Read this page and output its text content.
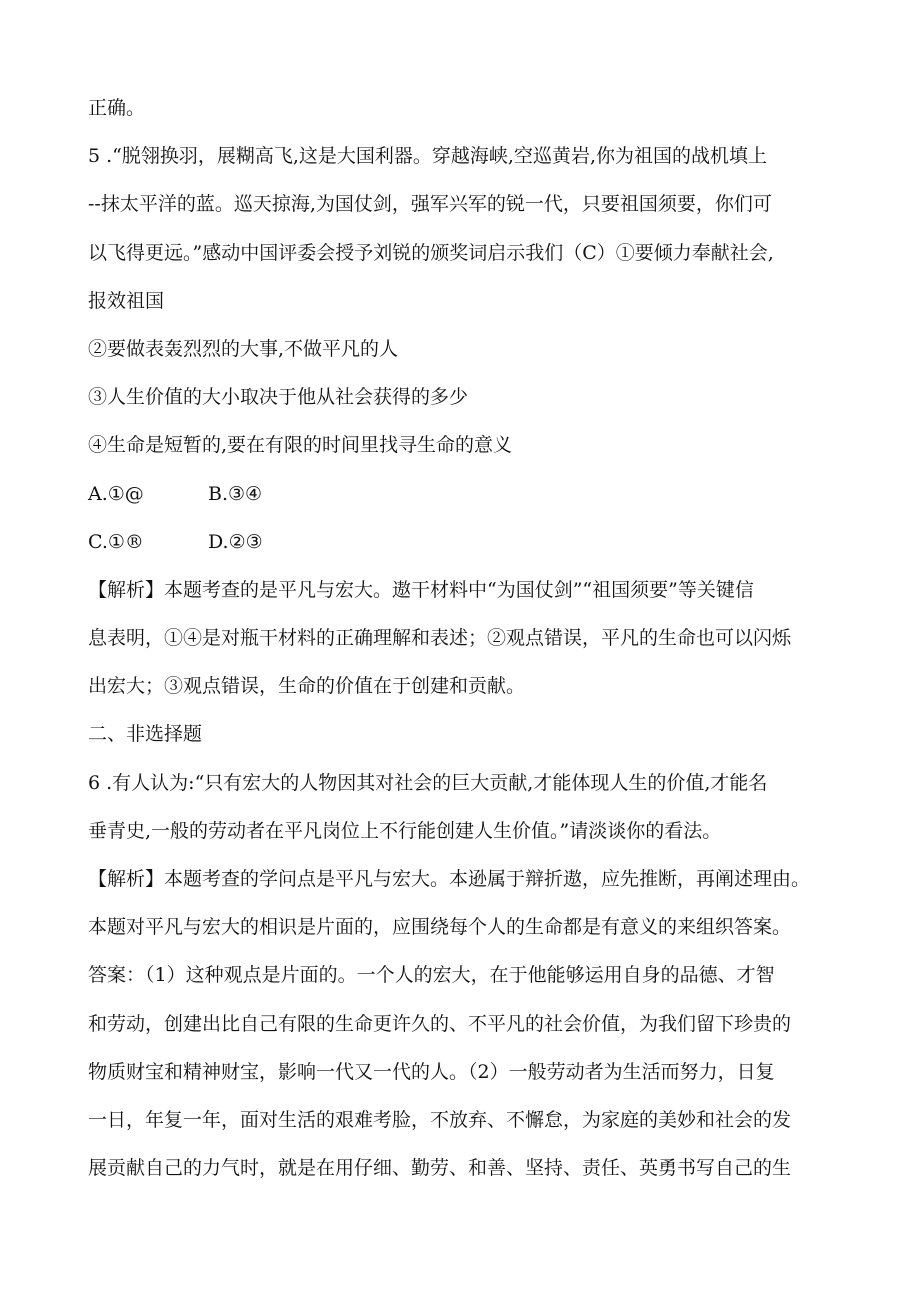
正确。
5 .“脱翎换羽，展糊高飞,这是大国利器。穿越海峡,空巡黄岩,你为祖国的战机填上
--抹太平洋的蓝。巡天掠海,为国仗剑，强军兴军的锐一代，只要祖国须要，你们可
以飞得更远。”感动中国评委会授予刘锐的颁奖词启示我们（C）①要倾力奉献社会,
报效祖国
②要做表轰烈烈的大事,不做平凡的人
③人生价值的大小取决于他从社会获得的多少
④生命是短暂的,要在有限的时间里找寻生命的意义
A.①@	B.③④
C.①®	D.②③
【解析】本题考查的是平凡与宏大。遨干材料中“为国仗剑”“祖国须要”等关键信
息表明，①④是对瓶干材料的正确理解和表述；②观点错误，平凡的生命也可以闪烁
出宏大；③观点错误，生命的价值在于创建和贡献。
二、非选择题
6 .有人认为:“只有宏大的人物因其对社会的巨大贡献,才能体现人生的价值,才能名
垂青史,一般的劳动者在平凡岗位上不行能创建人生价值。”请淡谈你的看法。
【解析】本题考查的学问点是平凡与宏大。本逊属于辩折遨，应先推断，再阐述理由。
本题对平凡与宏大的相识是片面的，应围绕每个人的生命都是有意义的来组织答案。
答案：（1）这种观点是片面的。一个人的宏大，在于他能够运用自身的品德、才智
和劳动，创建出比自己有限的生命更许久的、不平凡的社会价值，为我们留下珍贵的
物质财宝和精神财宝，影响一代又一代的人。（2）一般劳动者为生活而努力，日复
一日，年复一年，面对生活的艰难考脸，不放弃、不懈怠，为家庭的美妙和社会的发
展贡献自己的力气时，就是在用仔细、勤劳、和善、坚持、责任、英勇书写自己的生
